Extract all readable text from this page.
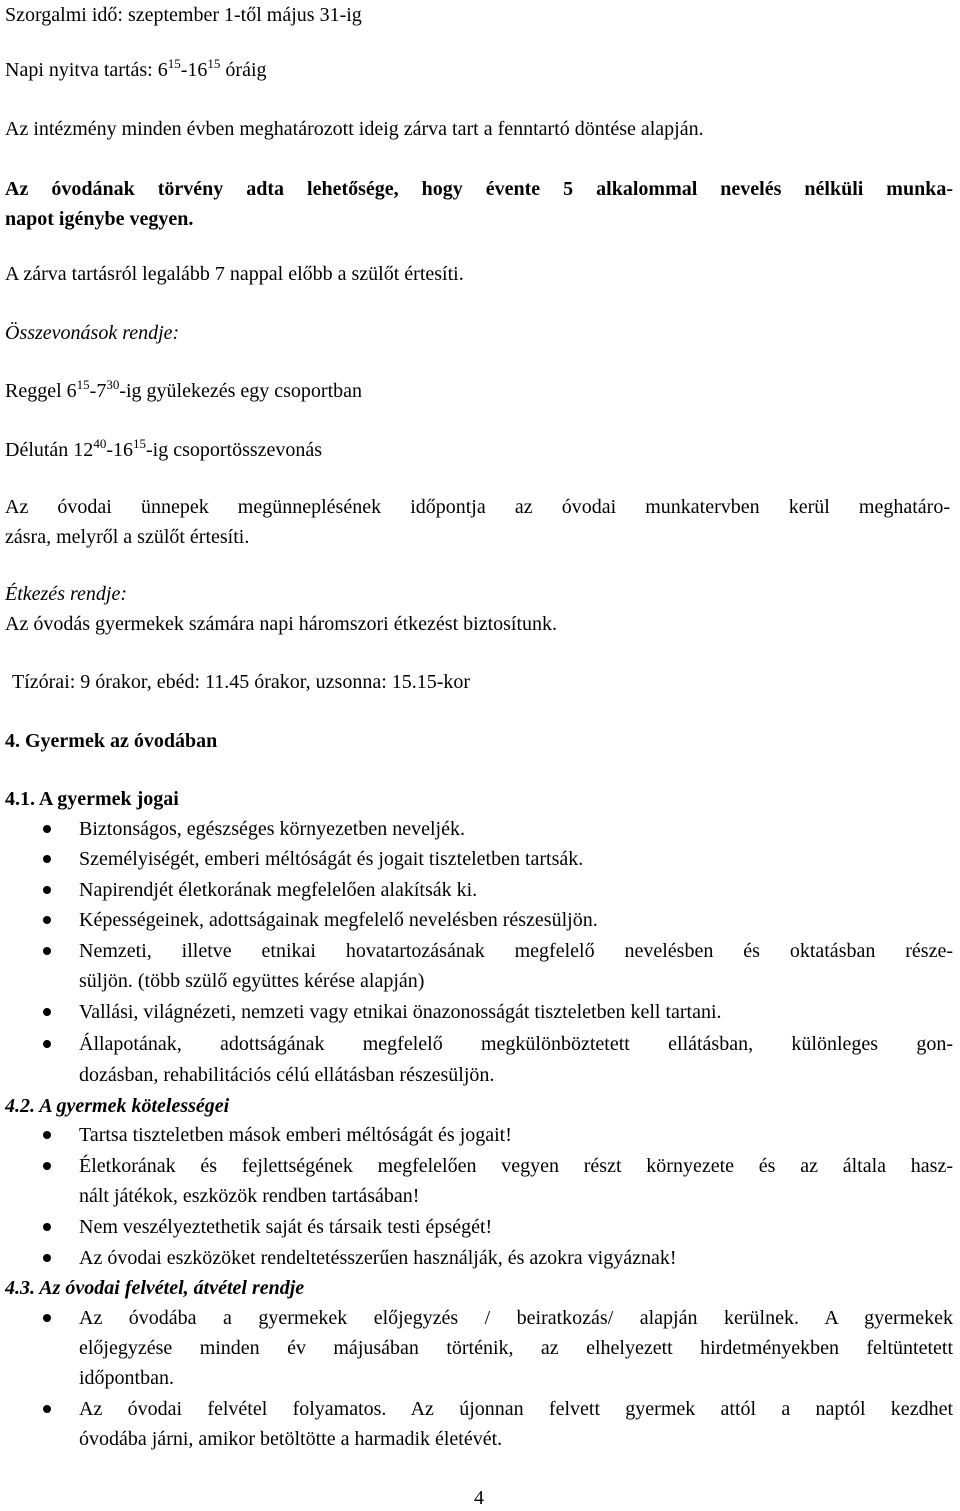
Szorgalmi idő: szeptember 1-től május 31-ig
Napi nyitva tartás: $6^{15}-16^{15}$ óráig
Az intézmény minden évben meghatározott ideig zárva tart a fenntartó döntése alapján.
Az óvodának törvény adta lehetősége, hogy évente 5 alkalommal nevelés nélküli munka-
napot igénybe vegyen.
A zárva tartásról legalább 7 nappal előbb a szülőt értesíti.
Összevonások rendje:
Reggel $6^{15}-7^{30}-ig$ gyülekezés egy csoportban
Délután $12^{40}-16^{15}-ig$ csoportösszevonás
Az óvodai ünnepek megünneplésének időpontja az óvodai munkatervben kerül meghatáro-
zásra, melyről a szülőt értesíti.
Étkezés rendje:
Az óvodás gyermekek számára napi háromszori étkezést biztosítunk.
Tízórai: 9 órakor, ebéd: 11.45 órakor, uzsonna: 15.15-kor
4. Gyermek az óvodában
4.1. A gyermek jogai
Biztonságos, egészséges környezetben neveljék.
Személyiségét, emberi méltóságát és jogait tiszteletben tartsák.
Napirendjét életkorának megfelelően alakítsák ki.
Képességeinek, adottságainak megfelelő nevelésben részesüljön.
Nemzeti, illetve etnikai hovatartozásának megfelelő nevelésben és oktatásban része-
süljön. (több szülő együttes kérése alapján)
Vallási, világnézeti, nemzeti vagy etnikai önazonosságát tiszteletben kell tartani.
Állapotának, adottságának megfelelő megkülönböztetett ellátásban, különleges gon-
dozásban, rehabilitációs célú ellátásban részesüljön.
4.2. A gyermek kötelességei
Tartsa tiszteletben mások emberi méltóságát és jogait!
Életkorának és fejlettségének megfelelően vegyen részt környezete és az általa hasz-
nált játékok, eszközök rendben tartásában!
Nem veszélyeztethetik saját és társaik testi épségét!
Az óvodai eszközöket rendeltetésszerűen használják, és azokra vigyáznak!
4.3. Az óvodai felvétel, átvétel rendje
Az óvodába a gyermekek előjegyzés / beiratkozás/ alapján kerülnek. A gyermekek
előjegyzése minden év májusában történik, az elhelyezett hirdetményekben feltüntetett
időpontban.
Az óvodai felvétel folyamatos. Az újonnan felvett gyermek attól a naptól kezdhet
óvodába járni, amikor betöltötte a harmadik életévét.
4
